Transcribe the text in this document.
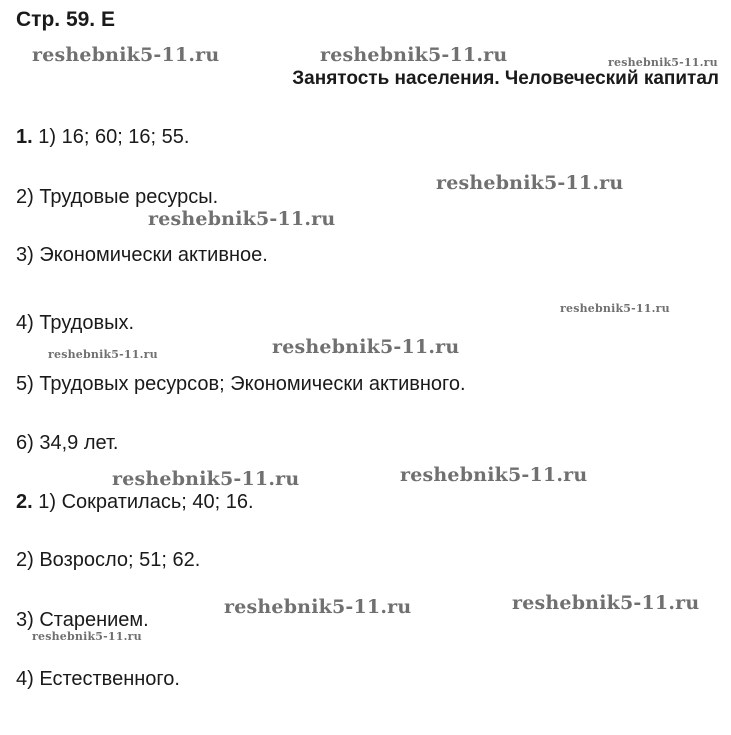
Стр. 59. Е
Занятость населения. Человеческий капитал
1. 1) 16; 60; 16; 55.
2) Трудовые ресурсы.
3) Экономически активное.
4) Трудовых.
5) Трудовых ресурсов; Экономически активного.
6) 34,9 лет.
2. 1) Сократилась; 40; 16.
2) Возросло; 51; 62.
3) Старением.
4) Естественного.
reshebnik5-11.ru	reshebnik5-11.ru	reshebnik5-11.ru
reshebnik5-11.ru
reshebnik5-11.ru
reshebnik5-11.ru
reshebnik5-11.ru
reshebnik5-11.ru
reshebnik5-11.ru	reshebnik5-11.ru
reshebnik5-11.ru	reshebnik5-11.ru
reshebnik5-11.ru
